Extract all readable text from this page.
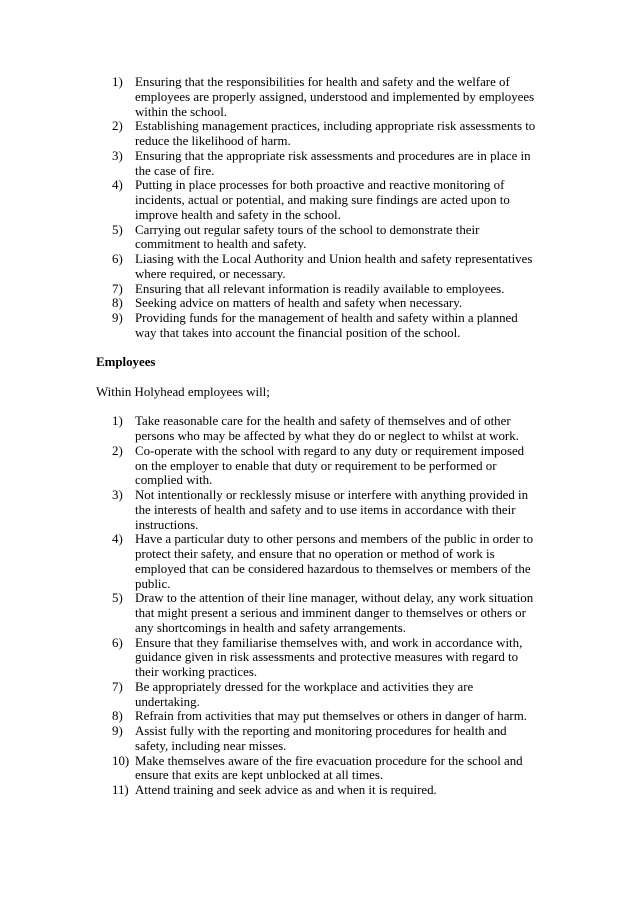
1) Ensuring that the responsibilities for health and safety and the welfare of employees are properly assigned, understood and implemented by employees within the school.
2) Establishing management practices, including appropriate risk assessments to reduce the likelihood of harm.
3) Ensuring that the appropriate risk assessments and procedures are in place in the case of fire.
4) Putting in place processes for both proactive and reactive monitoring of incidents, actual or potential, and making sure findings are acted upon to improve health and safety in the school.
5) Carrying out regular safety tours of the school to demonstrate their commitment to health and safety.
6) Liasing with the Local Authority and Union health and safety representatives where required, or necessary.
7) Ensuring that all relevant information is readily available to employees.
8) Seeking advice on matters of health and safety when necessary.
9) Providing funds for the management of health and safety within a planned way that takes into account the financial position of the school.
Employees

Within Holyhead employees will;

1) Take reasonable care for the health and safety of themselves and of other persons who may be affected by what they do or neglect to whilst at work.
2) Co-operate with the school with regard to any duty or requirement imposed on the employer to enable that duty or requirement to be performed or complied with.
3) Not intentionally or recklessly misuse or interfere with anything provided in the interests of health and safety and to use items in accordance with their instructions.
4) Have a particular duty to other persons and members of the public in order to protect their safety, and ensure that no operation or method of work is employed that can be considered hazardous to themselves or members of the public.
5) Draw to the attention of their line manager, without delay, any work situation that might present a serious and imminent danger to themselves or others or any shortcomings in health and safety arrangements.
6) Ensure that they familiarise themselves with, and work in accordance with, guidance given in risk assessments and protective measures with regard to their working practices.
7) Be appropriately dressed for the workplace and activities they are undertaking.
8) Refrain from activities that may put themselves or others in danger of harm.
9) Assist fully with the reporting and monitoring procedures for health and safety, including near misses.
10) Make themselves aware of the fire evacuation procedure for the school and ensure that exits are kept unblocked at all times.
11) Attend training and seek advice as and when it is required.
